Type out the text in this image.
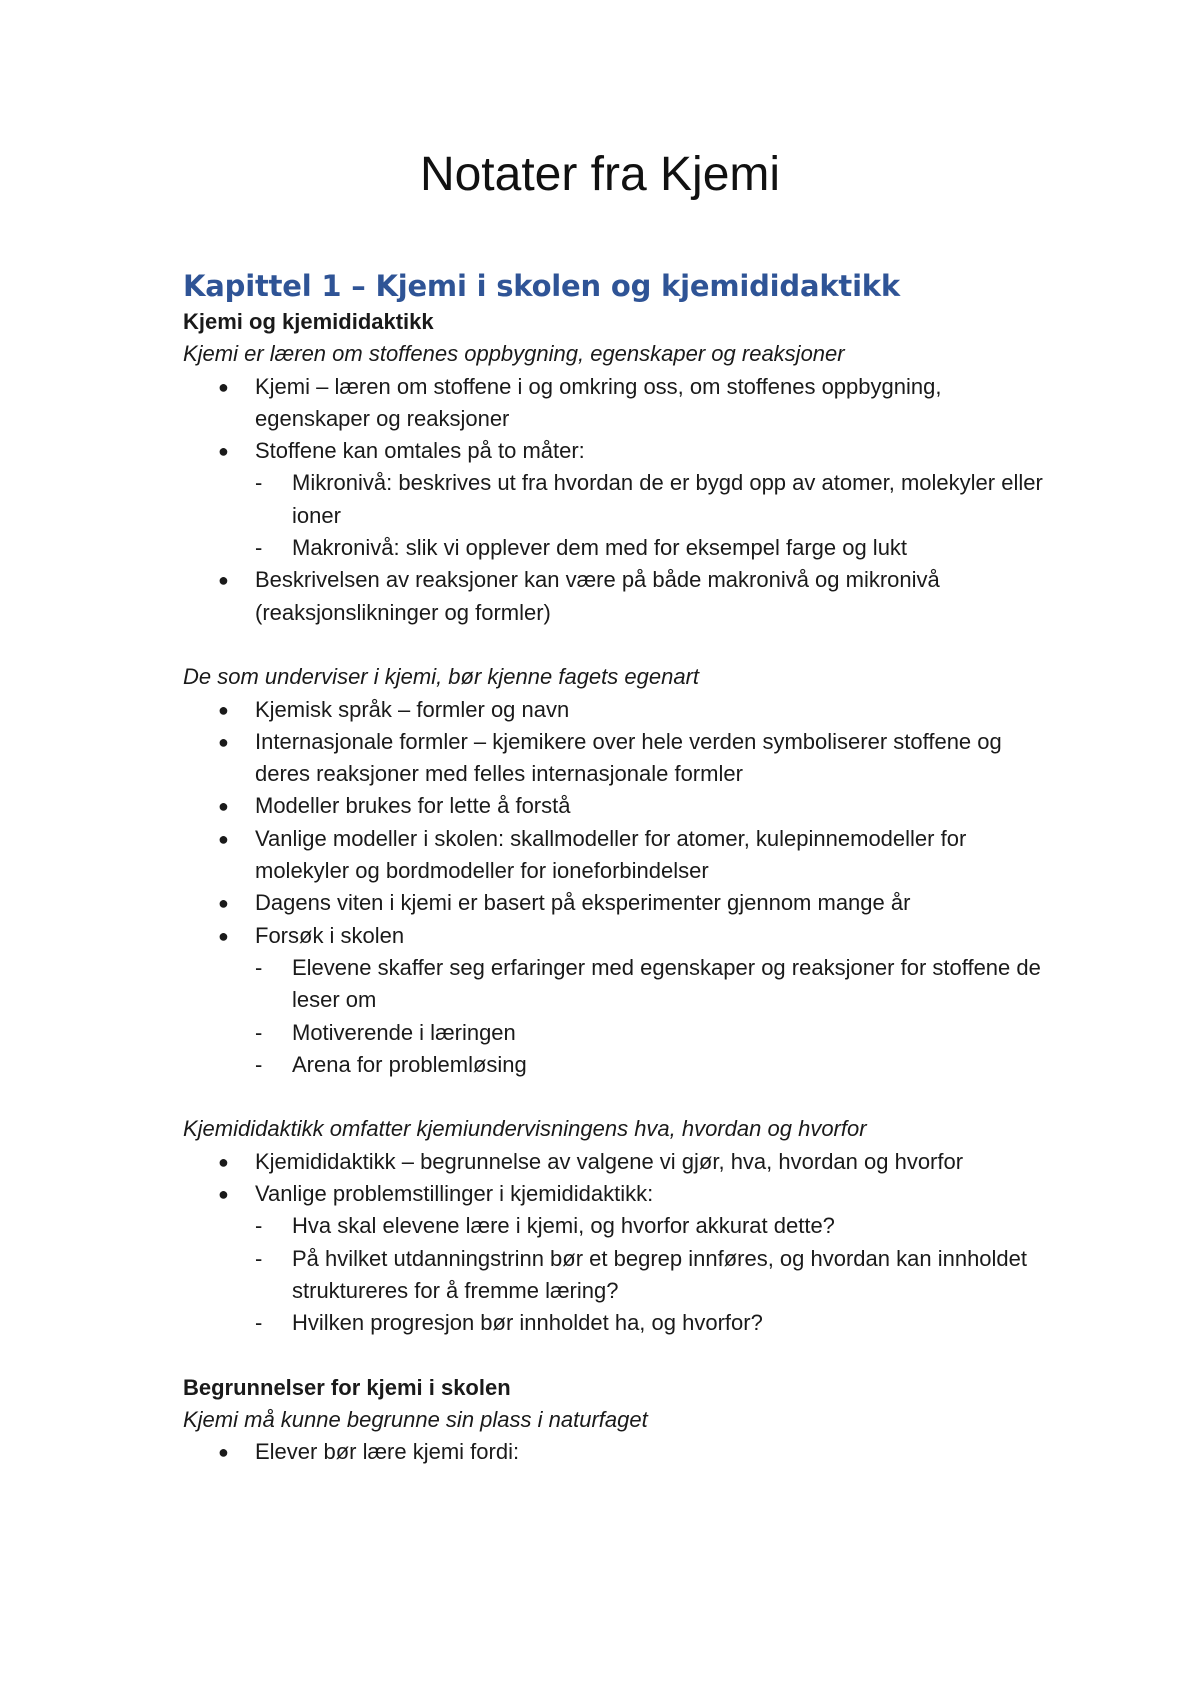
Notater fra Kjemi
Kapittel 1 – Kjemi i skolen og kjemididaktikk

Kjemi og kjemididaktikk

Kjemi er læren om stoffenes oppbygning, egenskaper og reaksjoner

● Kjemi – læren om stoffene i og omkring oss, om stoffenes oppbygning, egenskaper og reaksjoner
● Stoffene kan omtales på to måter:
- Mikronivå: beskrives ut fra hvordan de er bygd opp av atomer, molekyler eller ioner
- Makronivå: slik vi opplever dem med for eksempel farge og lukt
● Beskrivelsen av reaksjoner kan være på både makronivå og mikronivå (reaksjonslikninger og formler)

De som underviser i kjemi, bør kjenne fagets egenart

● Kjemisk språk – formler og navn
● Internasjonale formler – kjemikere over hele verden symboliserer stoffene og deres reaksjoner med felles internasjonale formler
● Modeller brukes for lette å forstå
● Vanlige modeller i skolen: skallmodeller for atomer, kulepinnemodeller for molekyler og bordmodeller for ioneforbindelser
● Dagens viten i kjemi er basert på eksperimenter gjennom mange år
● Forsøk i skolen
- Elevene skaffer seg erfaringer med egenskaper og reaksjoner for stoffene de leser om
- Motiverende i læringen
- Arena for problemløsing

Kjemididaktikk omfatter kjemiundervisningens hva, hvordan og hvorfor

● Kjemididaktikk – begrunnelse av valgene vi gjør, hva, hvordan og hvorfor
● Vanlige problemstillinger i kjemididaktikk:
- Hva skal elevene lære i kjemi, og hvorfor akkurat dette?
- På hvilket utdanningstrinn bør et begrep innføres, og hvordan kan innholdet struktureres for å fremme læring?
- Hvilken progresjon bør innholdet ha, og hvorfor?

Begrunnelser for kjemi i skolen

Kjemi må kunne begrunne sin plass i naturfaget

● Elever bør lære kjemi fordi:
